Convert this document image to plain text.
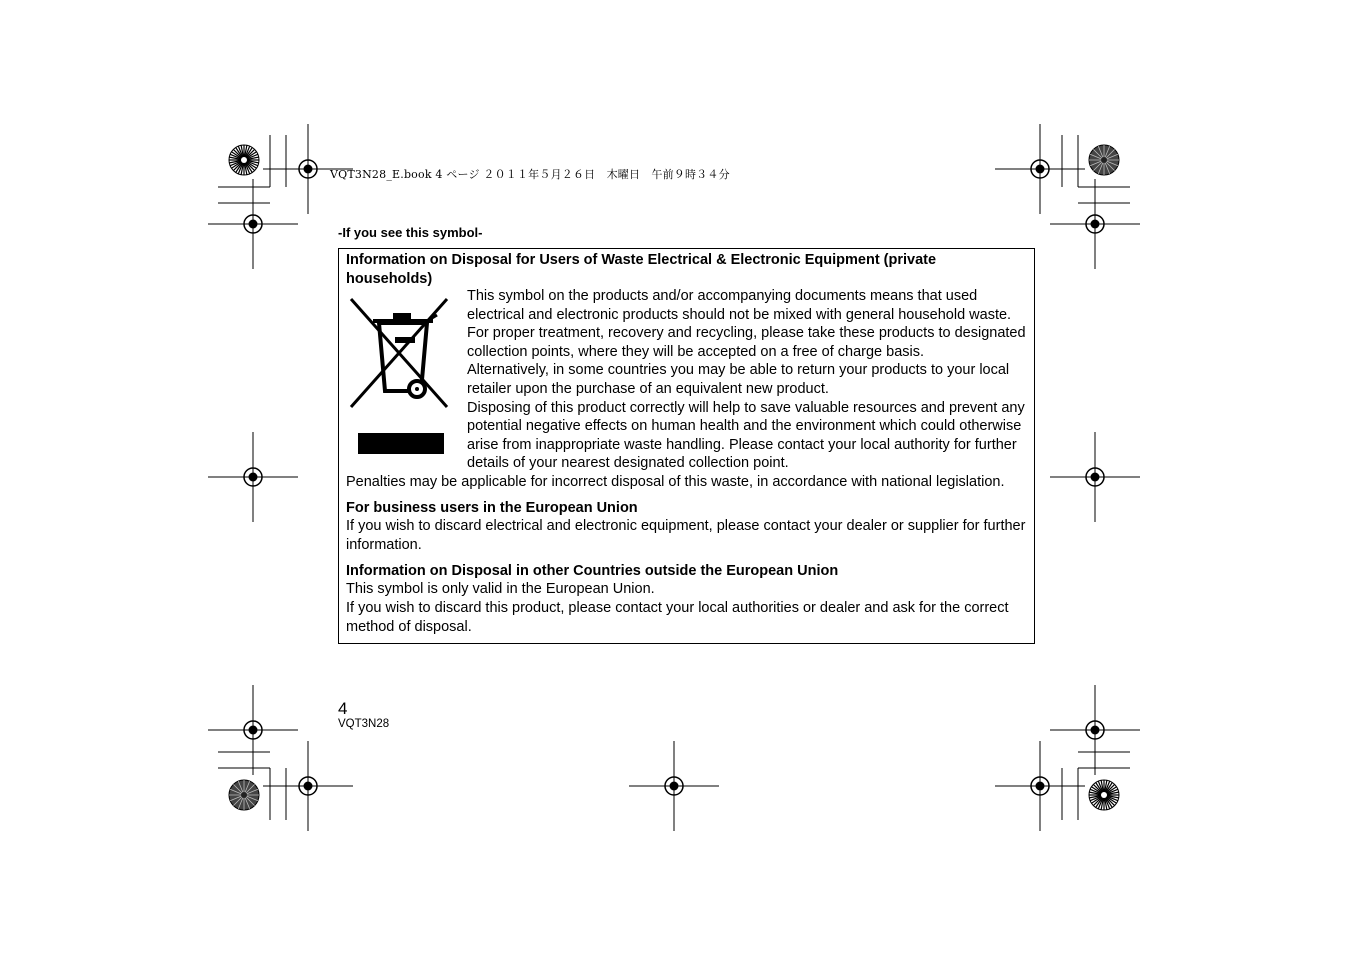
VQT3N28_E.book 4 ページ ２０１１年５月２６日　木曜日　午前９時３４分
-If you see this symbol-
Information on Disposal for Users of Waste Electrical & Electronic Equipment (private households)
This symbol on the products and/or accompanying documents means that used electrical and electronic products should not be mixed with general household waste.
For proper treatment, recovery and recycling, please take these products to designated collection points, where they will be accepted on a free of charge basis.
Alternatively, in some countries you may be able to return your products to your local retailer upon the purchase of an equivalent new product.
Disposing of this product correctly will help to save valuable resources and prevent any potential negative effects on human health and the environment which could otherwise arise from inappropriate waste handling. Please contact your local authority for further details of your nearest designated collection point.
Penalties may be applicable for incorrect disposal of this waste, in accordance with national legislation.
For business users in the European Union
If you wish to discard electrical and electronic equipment, please contact your dealer or supplier for further information.
Information on Disposal in other Countries outside the European Union
This symbol is only valid in the European Union.
If you wish to discard this product, please contact your local authorities or dealer and ask for the correct method of disposal.
4
VQT3N28
